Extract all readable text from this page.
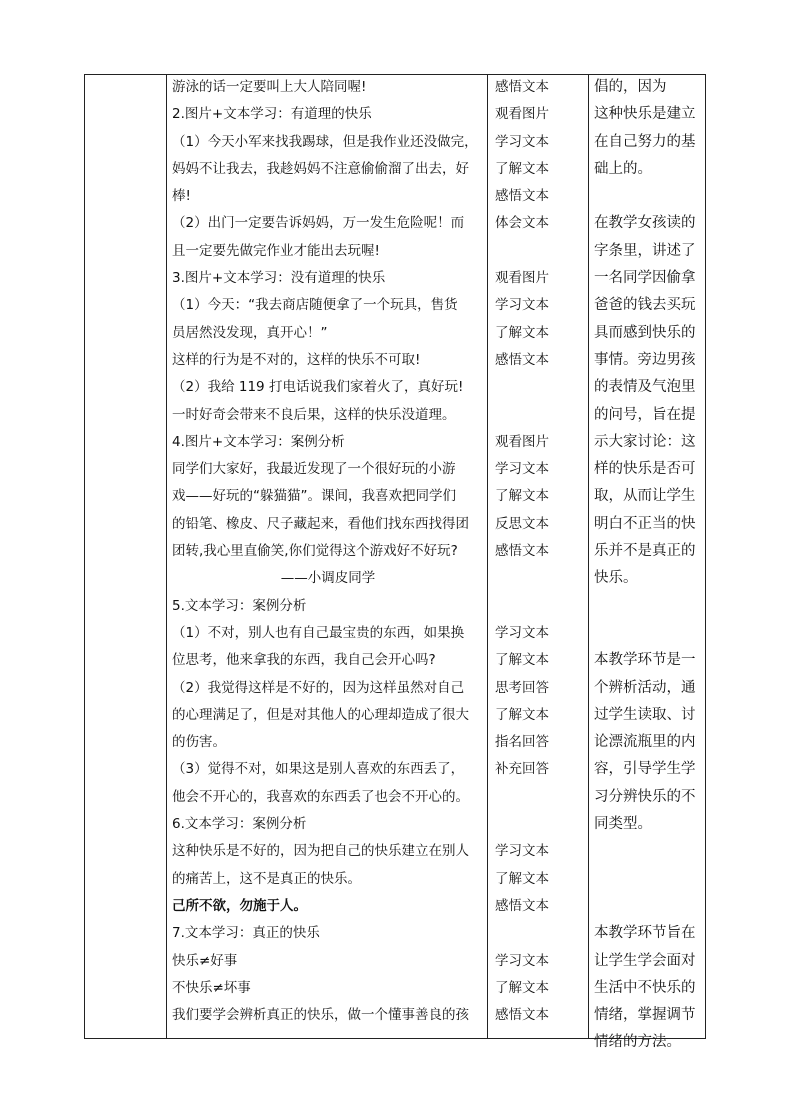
游泳的话一定要叫上大人陪同喔!
2.图片+文本学习：有道理的快乐
（1）今天小军来找我踢球，但是我作业还没做完，
妈妈不让我去，我趁妈妈不注意偷偷溜了出去，好
棒!
（2）出门一定要告诉妈妈，万一发生危险呢！而
且一定要先做完作业才能出去玩喔!
3.图片+文本学习：没有道理的快乐
（1）今天：“我去商店随便拿了一个玩具，售货
员居然没发现，真开心！”
这样的行为是不对的，这样的快乐不可取!
（2）我给 119 打电话说我们家着火了，真好玩!
一时好奇会带来不良后果，这样的快乐没道理。
4.图片+文本学习：案例分析
同学们大家好，我最近发现了一个很好玩的小游
戏——好玩的“躲猫猫”。课间，我喜欢把同学们
的铅笔、橡皮、尺子藏起来，看他们找东西找得团
团转,我心里直偷笑,你们觉得这个游戏好不好玩?
——小调皮同学
5.文本学习：案例分析
（1）不对，别人也有自己最宝贵的东西，如果换
位思考，他来拿我的东西，我自己会开心吗?
（2）我觉得这样是不好的，因为这样虽然对自己
的心理满足了，但是对其他人的心理却造成了很大
的伤害。
（3）觉得不对，如果这是别人喜欢的东西丢了，
他会不开心的，我喜欢的东西丢了也会不开心的。
6.文本学习：案例分析
这种快乐是不好的，因为把自己的快乐建立在别人
的痛苦上，这不是真正的快乐。
己所不欲，勿施于人。
7.文本学习：真正的快乐
快乐≠好事
不快乐≠坏事
我们要学会辨析真正的快乐，做一个懂事善良的孩
感悟文本
观看图片
学习文本
了解文本
感悟文本
体会文本
观看图片
学习文本
了解文本
感悟文本
观看图片
学习文本
了解文本
反思文本
感悟文本
学习文本
了解文本
思考回答
了解文本
指名回答
补充回答
学习文本
了解文本
感悟文本
学习文本
了解文本
感悟文本
倡的，因为
这种快乐是建立
在自己努力的基
础上的。
在教学女孩读的
字条里，讲述了
一名同学因偷拿
爸爸的钱去买玩
具而感到快乐的
事情。旁边男孩
的表情及气泡里
的问号，旨在提
示大家讨论：这
样的快乐是否可
取，从而让学生
明白不正当的快
乐并不是真正的
快乐。
本教学环节是一
个辨析活动，通
过学生读取、讨
论漂流瓶里的内
容，引导学生学
习分辨快乐的不
同类型。
本教学环节旨在
让学生学会面对
生活中不快乐的
情绪，掌握调节
情绪的方法。
